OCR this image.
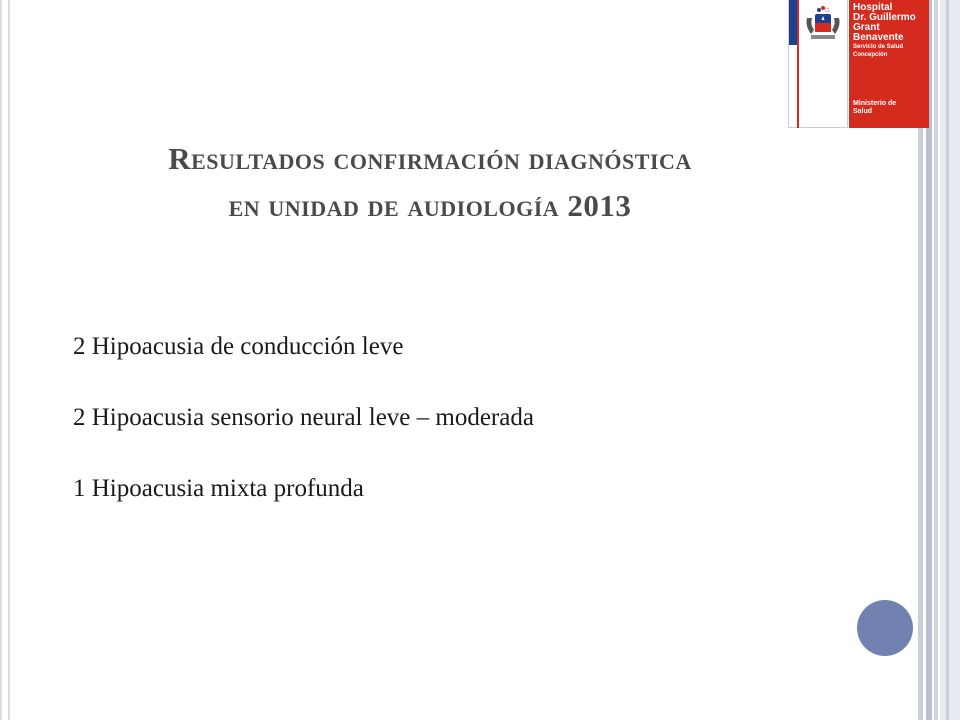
Hospital
Dr. Guillermo
Grant
Benavente
Servicio de Salud
Concepción
Ministerio de
Salud
Resultados confirmación diagnóstica
en unidad de audiología 2013
2 Hipoacusia de conducción leve
2 Hipoacusia sensorio neural leve – moderada
1 Hipoacusia mixta profunda
